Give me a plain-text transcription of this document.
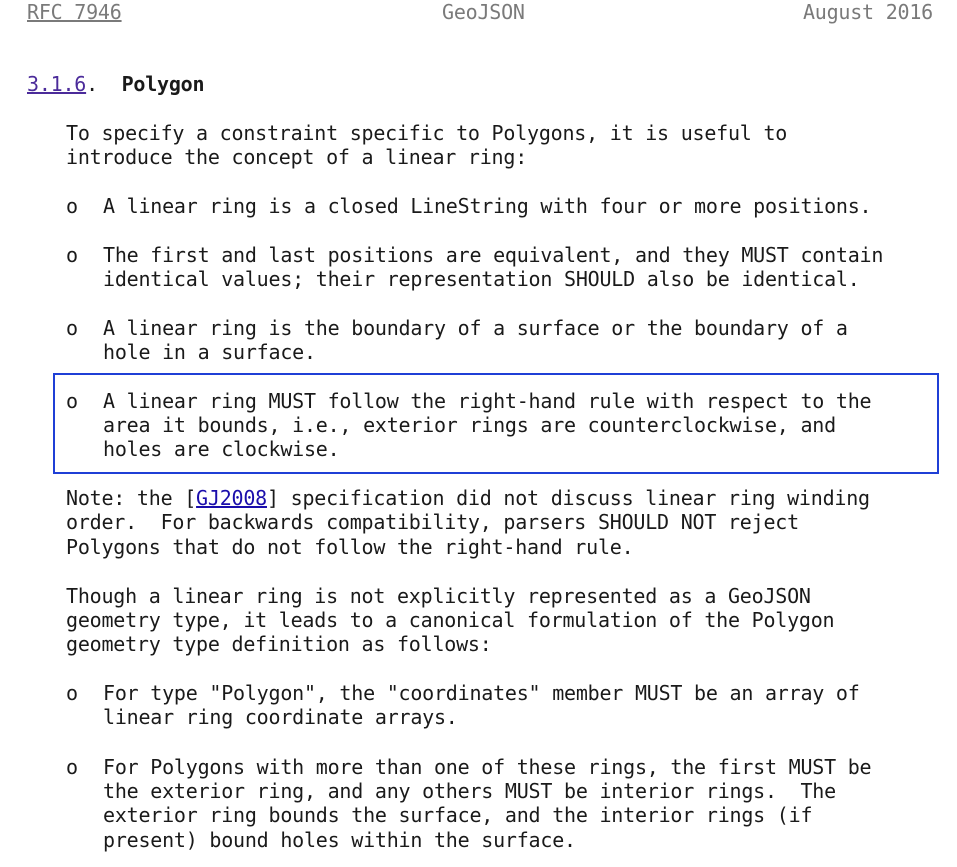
RFC 7946	GeoJSON	August 2016
3.1.6.  Polygon
To specify a constraint specific to Polygons, it is useful to
introduce the concept of a linear ring:
o A linear ring is a closed LineString with four or more positions.
o The first and last positions are equivalent, and they MUST contain
identical values; their representation SHOULD also be identical.
o A linear ring is the boundary of a surface or the boundary of a
hole in a surface.
o A linear ring MUST follow the right-hand rule with respect to the
area it bounds, i.e., exterior rings are counterclockwise, and
holes are clockwise.
Note: the [GJ2008] specification did not discuss linear ring winding
order.  For backwards compatibility, parsers SHOULD NOT reject
Polygons that do not follow the right-hand rule.
Though a linear ring is not explicitly represented as a GeoJSON
geometry type, it leads to a canonical formulation of the Polygon
geometry type definition as follows:
o For type "Polygon", the "coordinates" member MUST be an array of
linear ring coordinate arrays.
o For Polygons with more than one of these rings, the first MUST be
the exterior ring, and any others MUST be interior rings.  The
exterior ring bounds the surface, and the interior rings (if
present) bound holes within the surface.
